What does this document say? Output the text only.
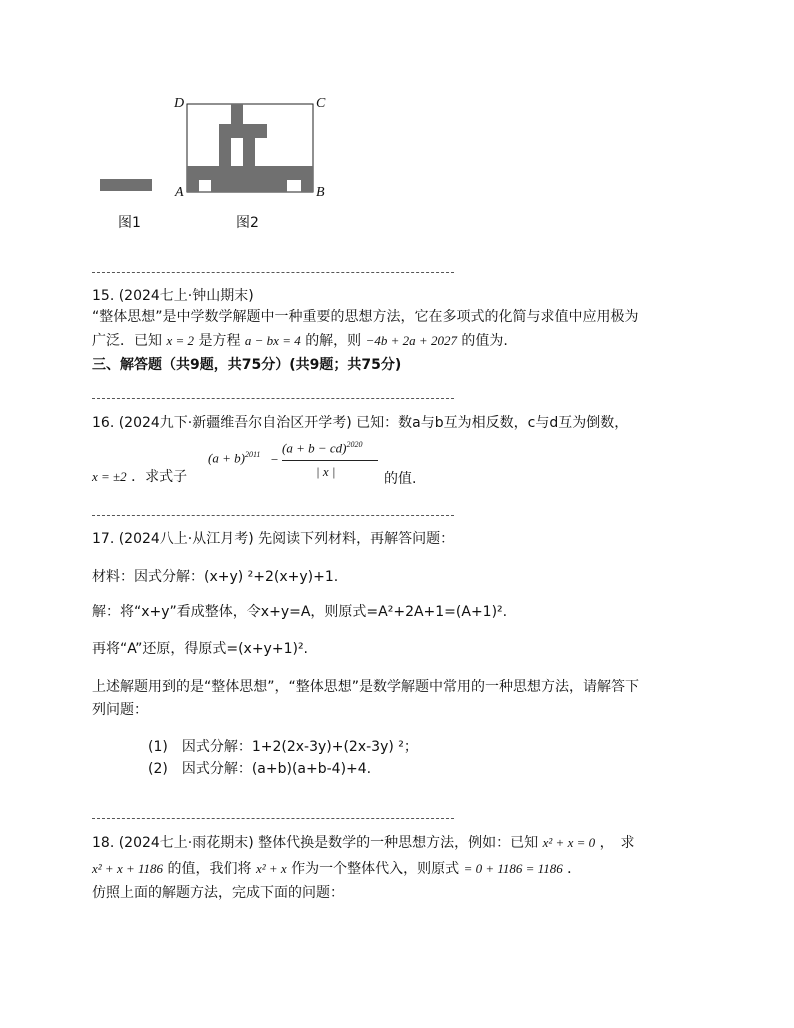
D	C
A	B
图1	图2
15. (2024七上·钟山期末)
“整体思想”是中学数学解题中一种重要的思想方法，它在多项式的化简与求值中应用极为
广泛．已知 x = 2 是方程 a − bx = 4 的解，则 −4b + 2a + 2027 的值为.
三、解答题（共9题，共75分）(共9题；共75分)
16. (2024九下·新疆维吾尔自治区开学考) 已知：数a与b互为相反数，c与d互为倒数，
x = ±2 ．求式子
$(a + b)^{2011}$ −
(a + b − cd)$^{2020}$
| x |	的值.
17. (2024八上·从江月考) 先阅读下列材料，再解答问题：
材料：因式分解：(x+y) ²+2(x+y)+1.
解：将“x+y”看成整体，令x+y=A，则原式=A²+2A+1=(A+1)².
再将“A”还原，得原式=(x+y+1)².
上述解题用到的是“整体思想”，“整体思想”是数学解题中常用的一种思想方法，请解答下
列问题：
(1)　因式分解：1+2(2x-3y)+(2x-3y) ²；
(2)　因式分解：(a+b)(a+b-4)+4.
18. (2024七上·雨花期末) 整体代换是数学的一种思想方法，例如：已知 x² + x = 0 ，　求
x² + x + 1186 的值，我们将 x² + x 作为一个整体代入，则原式 = 0 + 1186 = 1186 ．
仿照上面的解题方法，完成下面的问题：
